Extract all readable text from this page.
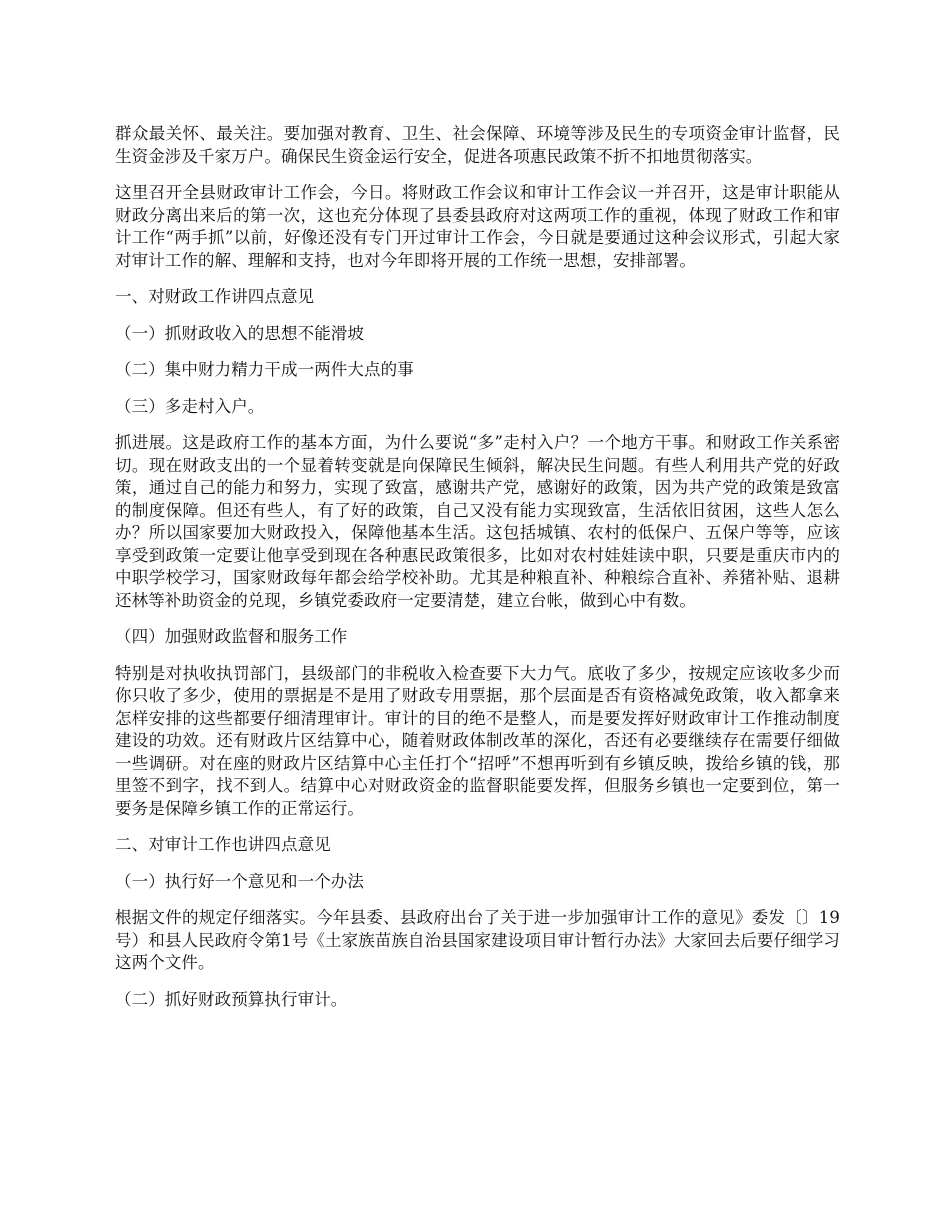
群众最关怀、最关注。要加强对教育、卫生、社会保障、环境等涉及民生的专项资金审计监督，民生资金涉及千家万户。确保民生资金运行安全，促进各项惠民政策不折不扣地贯彻落实。

这里召开全县财政审计工作会，今日。将财政工作会议和审计工作会议一并召开，这是审计职能从财政分离出来后的第一次，这也充分体现了县委县政府对这两项工作的重视，体现了财政工作和审计工作“两手抓”以前，好像还没有专门开过审计工作会，今日就是要通过这种会议形式，引起大家对审计工作的解、理解和支持，也对今年即将开展的工作统一思想，安排部署。

一、对财政工作讲四点意见

（一）抓财政收入的思想不能滑坡

（二）集中财力精力干成一两件大点的事

（三）多走村入户。

抓进展。这是政府工作的基本方面，为什么要说“多”走村入户？一个地方干事。和财政工作关系密切。现在财政支出的一个显着转变就是向保障民生倾斜，解决民生问题。有些人利用共产党的好政策，通过自己的能力和努力，实现了致富，感谢共产党，感谢好的政策，因为共产党的政策是致富的制度保障。但还有些人，有了好的政策，自己又没有能力实现致富，生活依旧贫困，这些人怎么办？所以国家要加大财政投入，保障他基本生活。这包括城镇、农村的低保户、五保户等等，应该享受到政策一定要让他享受到现在各种惠民政策很多，比如对农村娃娃读中职，只要是重庆市内的中职学校学习，国家财政每年都会给学校补助。尤其是种粮直补、种粮综合直补、养猪补贴、退耕还林等补助资金的兑现，乡镇党委政府一定要清楚，建立台帐，做到心中有数。

（四）加强财政监督和服务工作

特别是对执收执罚部门，县级部门的非税收入检查要下大力气。底收了多少，按规定应该收多少而你只收了多少，使用的票据是不是用了财政专用票据，那个层面是否有资格减免政策，收入都拿来怎样安排的这些都要仔细清理审计。审计的目的绝不是整人，而是要发挥好财政审计工作推动制度建设的功效。还有财政片区结算中心，随着财政体制改革的深化，否还有必要继续存在需要仔细做一些调研。对在座的财政片区结算中心主任打个“招呼”不想再听到有乡镇反映，拨给乡镇的钱，那里签不到字，找不到人。结算中心对财政资金的监督职能要发挥，但服务乡镇也一定要到位，第一要务是保障乡镇工作的正常运行。

二、对审计工作也讲四点意见

（一）执行好一个意见和一个办法

根据文件的规定仔细落实。今年县委、县政府出台了关于进一步加强审计工作的意见》委发〔〕19号）和县人民政府令第1号《土家族苗族自治县国家建设项目审计暂行办法》大家回去后要仔细学习这两个文件。

（二）抓好财政预算执行审计。
